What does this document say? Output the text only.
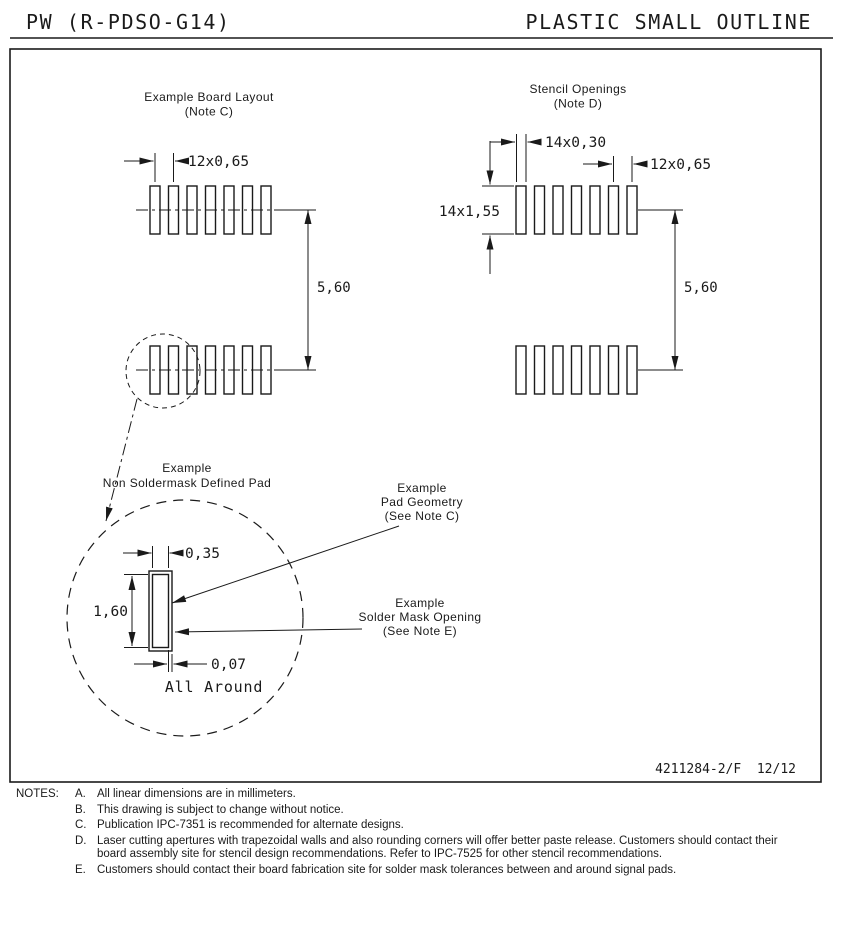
PW (R-PDSO-G14)	PLASTIC SMALL OUTLINE
Example Board Layout
(Note C)
12x0,65
5,60
Stencil Openings
(Note D)
14x0,30
14x1,55
12x0,65
5,60
Example
Non Soldermask Defined Pad
0,35
1,60
0,07
All Around
Example
Pad Geometry
(See Note C)
Example
Solder Mask Opening
(See Note E)
4211284-2/F  12/12
NOTES:	A. All linear dimensions are in millimeters.
B. This drawing is subject to change without notice.
C. Publication IPC-7351 is recommended for alternate designs.
D. Laser cutting apertures with trapezoidal walls and also rounding corners will offer better paste release. Customers should contact their board assembly site for stencil design recommendations. Refer to IPC-7525 for other stencil recommendations.
E. Customers should contact their board fabrication site for solder mask tolerances between and around signal pads.
